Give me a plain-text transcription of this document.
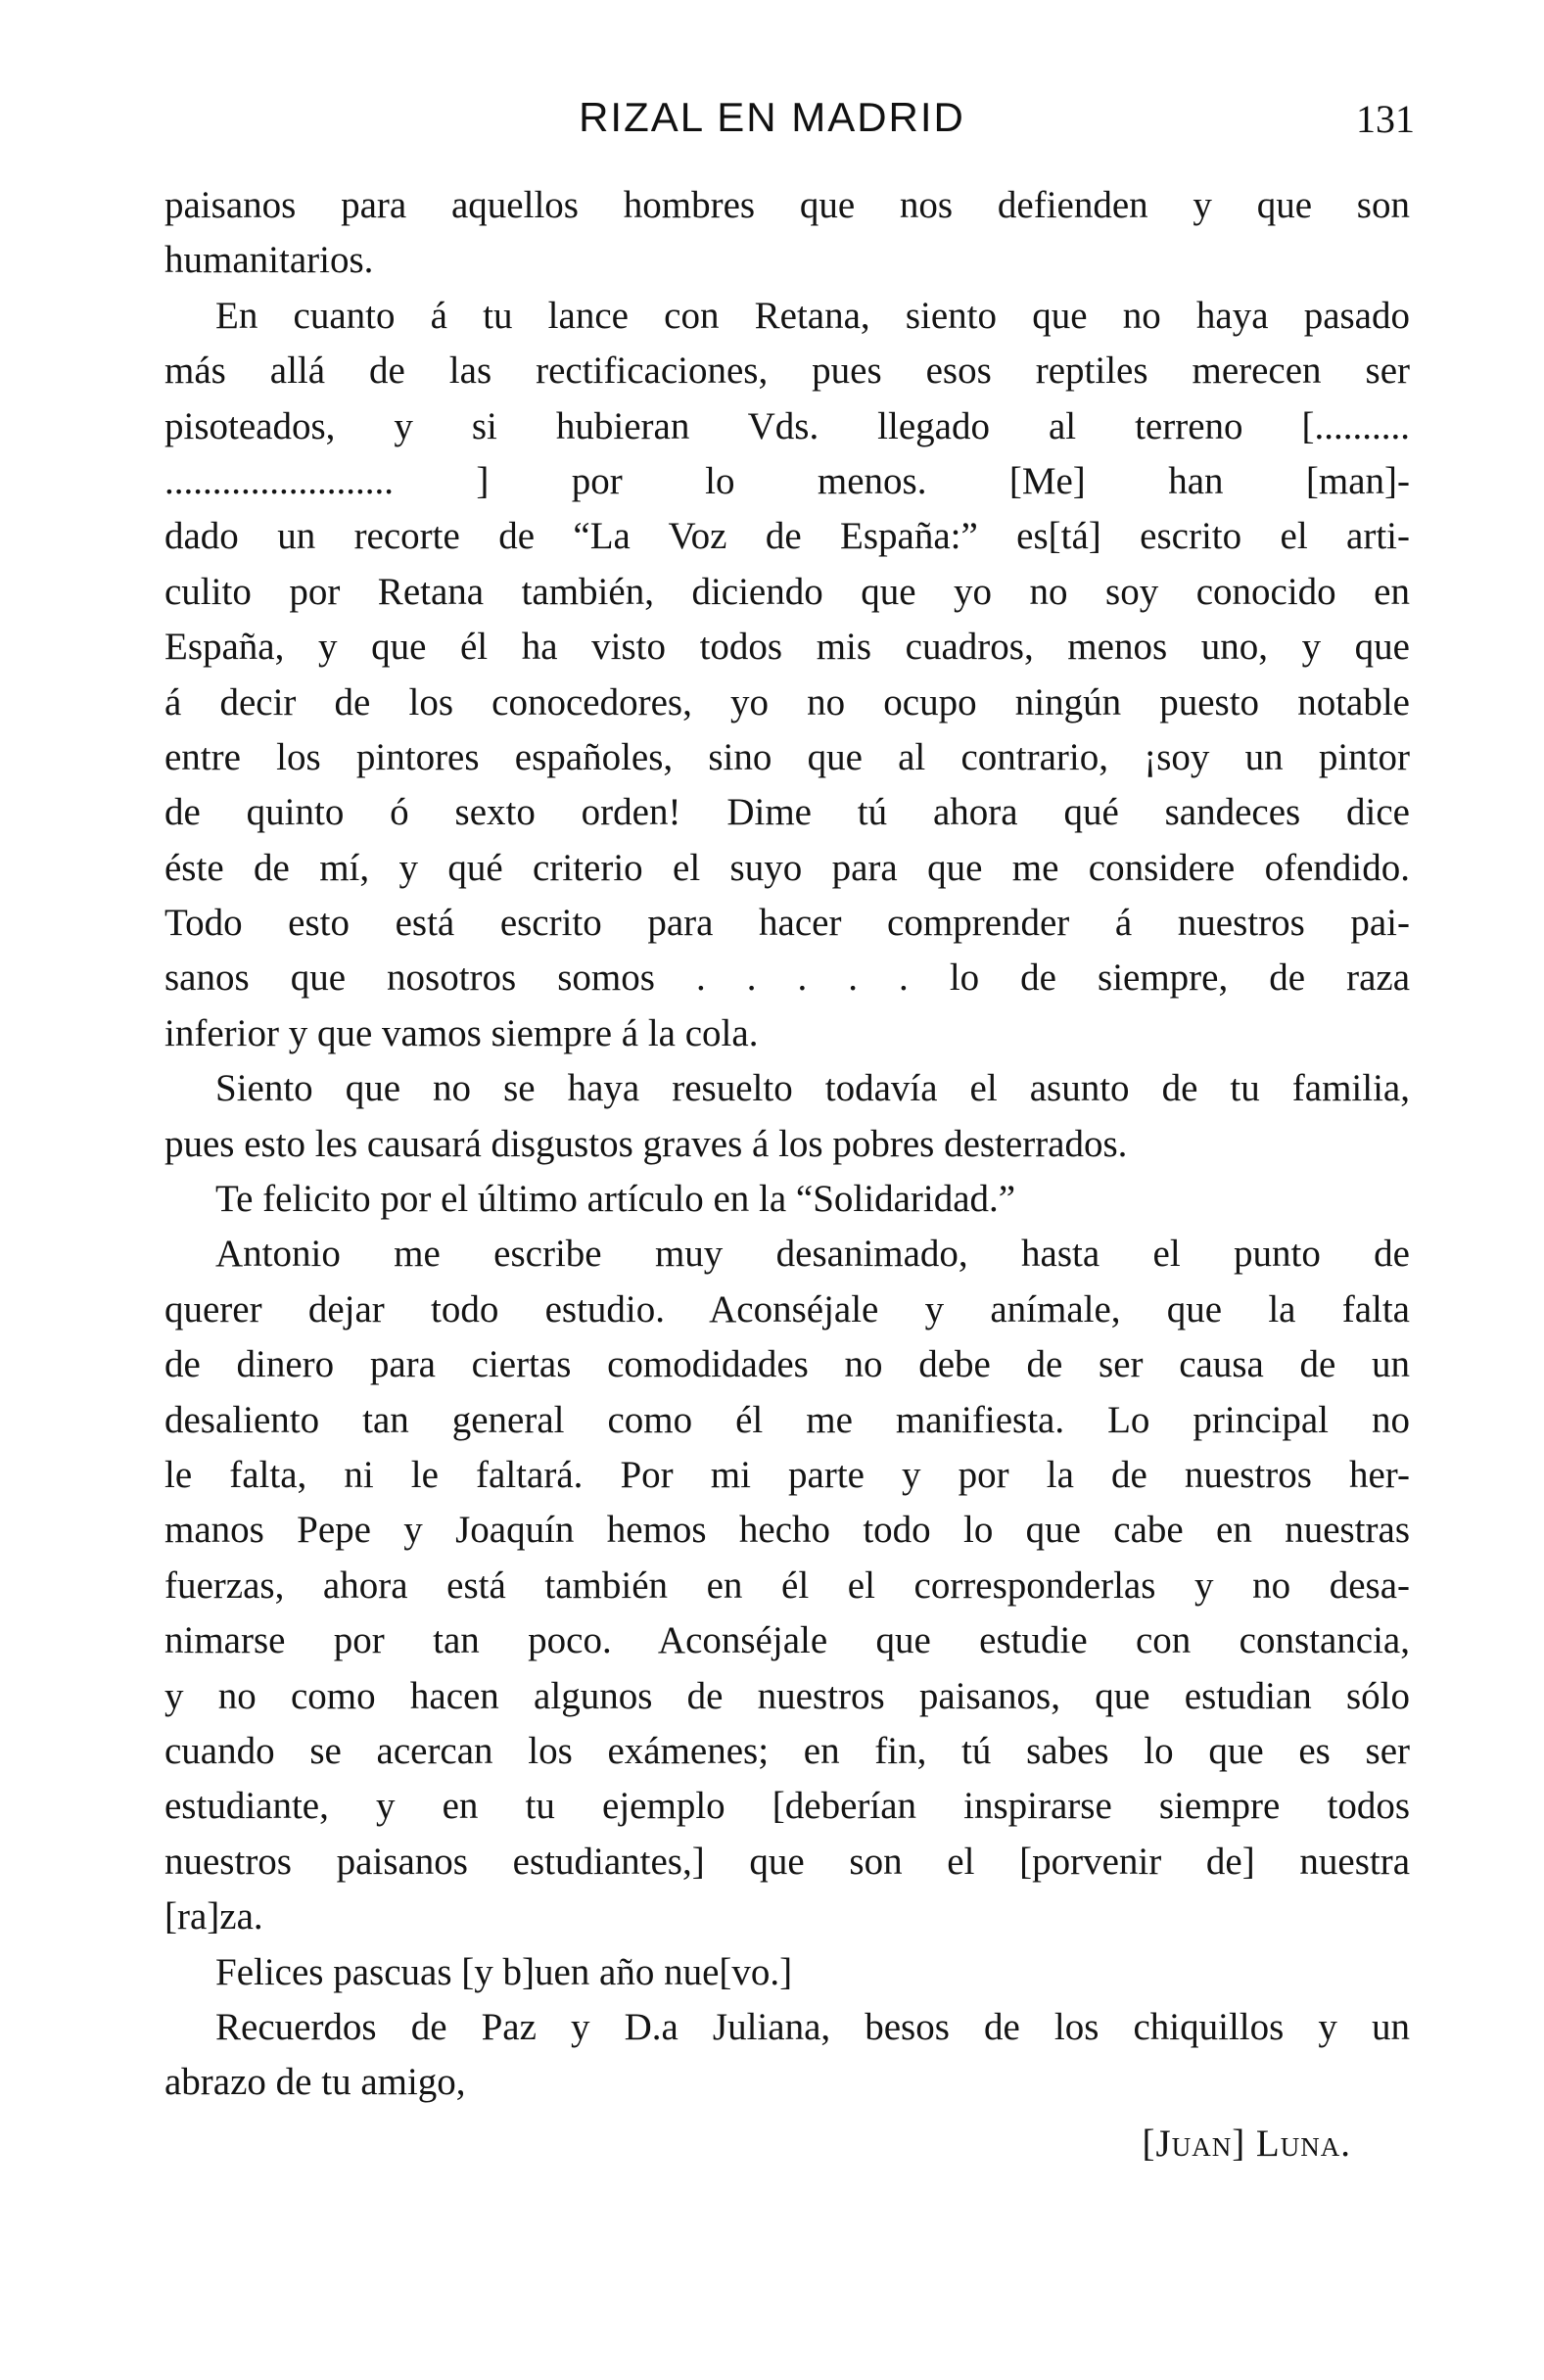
RIZAL EN MADRID	131
paisanos para aquellos hombres que nos defienden y que son
humanitarios.
En cuanto á tu lance con Retana, siento que no haya pasado
más allá de las rectificaciones, pues esos reptiles merecen ser
pisoteados, y si hubieran Vds. llegado al terreno [..........
........................ ] por lo menos. [Me] han [man]-
dado un recorte de “La Voz de España:” es[tá] escrito el arti-
culito por Retana también, diciendo que yo no soy conocido en
España, y que él ha visto todos mis cuadros, menos uno, y que
á decir de los conocedores, yo no ocupo ningún puesto notable
entre los pintores españoles, sino que al contrario, ¡soy un pintor
de quinto ó sexto orden! Dime tú ahora qué sandeces dice
éste de mí, y qué criterio el suyo para que me considere ofendido.
Todo esto está escrito para hacer comprender á nuestros pai-
sanos que nosotros somos . . . . . lo de siempre, de raza
inferior y que vamos siempre á la cola.
Siento que no se haya resuelto todavía el asunto de tu familia,
pues esto les causará disgustos graves á los pobres desterrados.
Te felicito por el último artículo en la “Solidaridad.”
Antonio me escribe muy desanimado, hasta el punto de
querer dejar todo estudio. Aconséjale y anímale, que la falta
de dinero para ciertas comodidades no debe de ser causa de un
desaliento tan general como él me manifiesta. Lo principal no
le falta, ni le faltará. Por mi parte y por la de nuestros her-
manos Pepe y Joaquín hemos hecho todo lo que cabe en nuestras
fuerzas, ahora está también en él el corresponderlas y no desa-
nimarse por tan poco. Aconséjale que estudie con constancia,
y no como hacen algunos de nuestros paisanos, que estudian sólo
cuando se acercan los exámenes; en fin, tú sabes lo que es ser
estudiante, y en tu ejemplo [deberían inspirarse siempre todos
nuestros paisanos estudiantes,] que son el [porvenir de] nuestra
[ra]za.
Felices pascuas [y b]uen año nue[vo.]
Recuerdos de Paz y D.a Juliana, besos de los chiquillos y un
abrazo de tu amigo,
[Juan] Luna.
